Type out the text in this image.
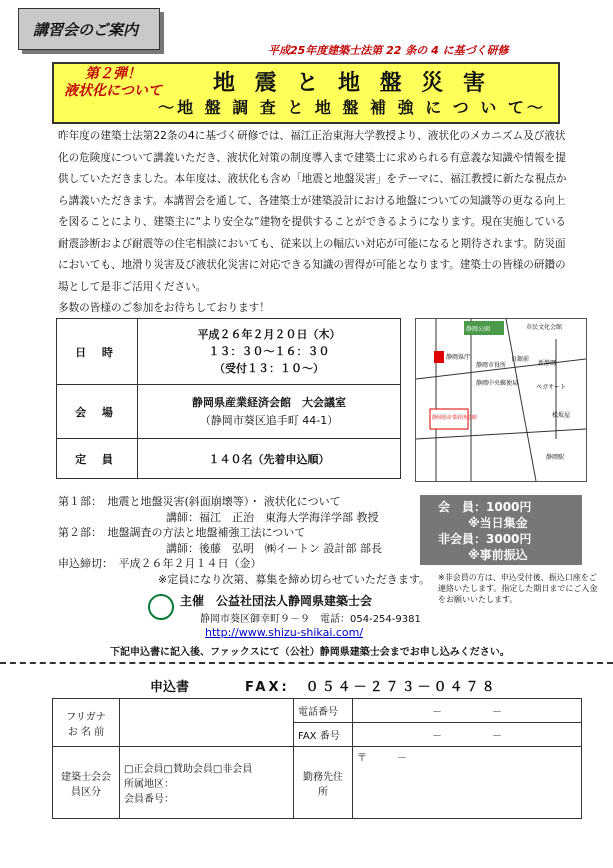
講習会のご案内
平成25年度建築士法第 22 条の 4 に基づく研修
第２弾！
液状化について	地 震 と 地 盤 災 害
～地 盤 調 査 と 地 盤 補 強 に つ い て～

昨年度の建築士法第22条の4に基づく研修では、福江正治東海大学教授より、液状化のメカニズム及び液状化の危険度について講義いただき、液状化対策の制度導入まで建築士に求められる有意義な知識や情報を提供していただきました。本年度は、液状化も含め「地震と地盤災害」をテーマに、福江教授に新たな視点から講義いただきます。本講習会を通して、各建築士が建築設計における地盤についての知識等の更なる向上を図ることにより、建築主に“より安全な”建物を提供することができるようになります。現在実施している耐震診断および耐震等の住宅相談においても、従来以上の幅広い対応が可能になると期待されます。防災面においても、地滑り災害及び液状化災害に対応できる知識の習得が可能となります。建築士の皆様の研鑽の場として是非ご活用ください。

多数の皆様のご参加をお待ちしております！

日 時	平成２６年２月２０日（木）
１３：３０～１６：３０
（受付１３：１０～）

会 場	静岡県産業経済会館　大会議室
（静岡市葵区追手町 44-1）

定 員	１４０名（先着申込順）
静岡公園	市民文化会館
静岡県庁
静岡市役所
静岡中央郵便局
静岡県産業経済会館
新静岡
ペガサート
日銀前
静岡駅
松坂屋
第１部：　地震と地盤災害(斜面崩壊等）・ 液状化について
講師：福江　正治　東海大学海洋学部 教授
第２部：　地盤調査の方法と地盤補強工法について
講師：後藤　弘明　㈱イートン 設計部 部長
申込締切：　平成２６年２月１４日（金）
※定員になり次第、募集を締め切らせていただきます。
会　員：1000円
※当日集金
非会員：3000円
※事前振込
※非会員の方は、申込受付後、振込口座をご連絡いたします。指定した期日までにご入金をお願いいたします。
主催　公益社団法人静岡県建築士会
静岡市葵区御幸町９－９　電話：054-254-9381
http://www.shizu-shikai.com/
下記申込書に記入後、ファックスにて（公社）静岡県建築士会までお申し込みください。
申込書	FAX:　０５４－２７３－０４７８
フリガナ
お 名 前		電話番号	－　　　　　－
		FAX 番号	－　　　　　－
建築士会会員区分	□正会員□賛助会員□非会員
所属地区：
会員番号：	勤務先住　所	〒　　　－
